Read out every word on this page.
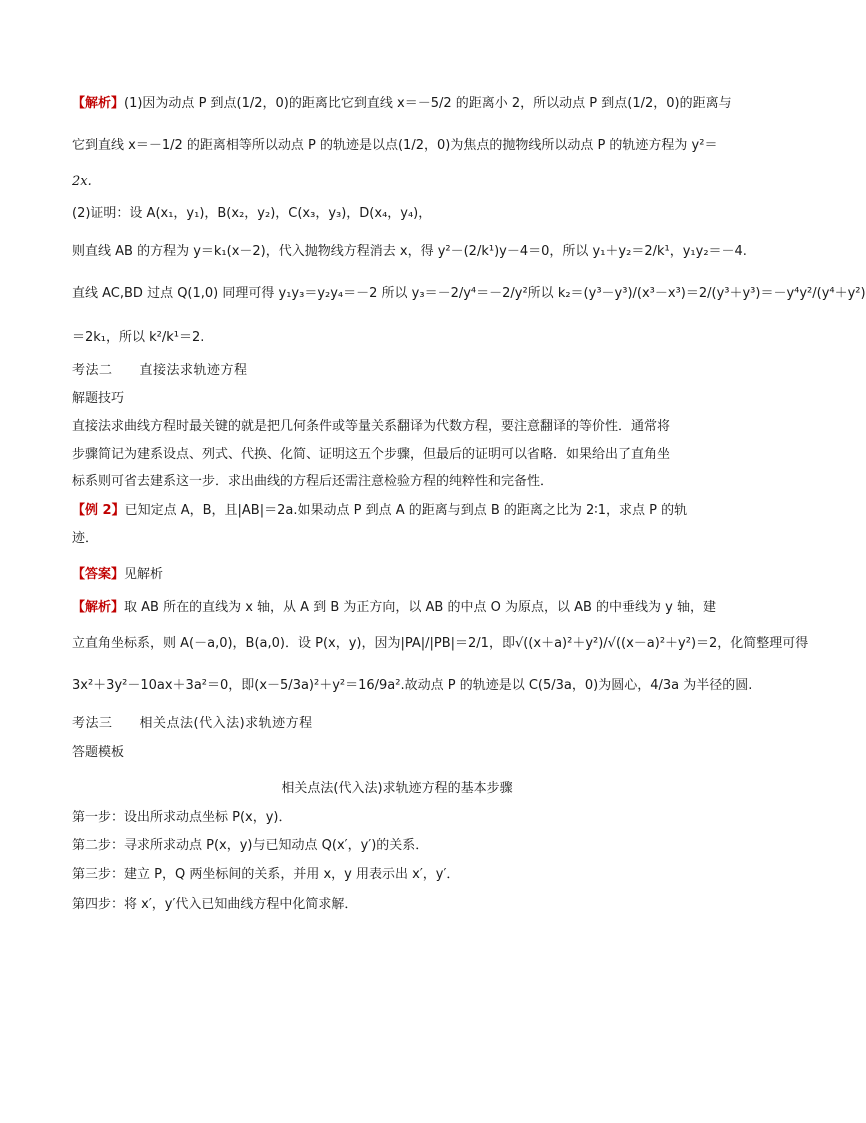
【解析】(1)因为动点 P 到点(1/2，0)的距离比它到直线 x＝－5/2 的距离小 2，所以动点 P 到点(1/2，0)的距离与
它到直线 x＝－1/2 的距离相等所以动点 P 的轨迹是以点(1/2，0)为焦点的抛物线所以动点 P 的轨迹方程为 y²＝
2x.
(2)证明：设 A(x₁，y₁)，B(x₂，y₂)，C(x₃，y₃)，D(x₄，y₄)，
则直线 AB 的方程为 y＝k₁(x－2)，代入抛物线方程消去 x，得 y²－(2/k¹)y－4＝0，所以 y₁＋y₂＝2/k¹，y₁y₂＝－4.
直线 AC,BD 过点 Q(1,0) 同理可得 y₁y₃＝y₂y₄＝－2 所以 y₃＝－2/y⁴＝－2/y²所以 k₂＝(y³－y³)/(x³－x³)＝2/(y³＋y³)＝－y⁴y²/(y⁴＋y²)
＝2k₁，所以 k²/k¹＝2.
考法二　　直接法求轨迹方程
解题技巧
直接法求曲线方程时最关键的就是把几何条件或等量关系翻译为代数方程，要注意翻译的等价性．通常将
步骤简记为建系设点、列式、代换、化简、证明这五个步骤，但最后的证明可以省略．如果给出了直角坐
标系则可省去建系这一步．求出曲线的方程后还需注意检验方程的纯粹性和完备性．
【例 2】已知定点 A，B，且|AB|＝2a.如果动点 P 到点 A 的距离与到点 B 的距离之比为 2∶1，求点 P 的轨
迹．
【答案】见解析
【解析】取 AB 所在的直线为 x 轴，从 A 到 B 为正方向，以 AB 的中点 O 为原点，以 AB 的中垂线为 y 轴，建
立直角坐标系，则 A(－a,0)，B(a,0)．设 P(x，y)，因为|PA|/|PB|＝2/1，即√((x＋a)²＋y²)/√((x－a)²＋y²)＝2，化简整理可得
3x²＋3y²－10ax＋3a²＝0，即(x－5/3a)²＋y²＝16/9a².故动点 P 的轨迹是以 C(5/3a，0)为圆心，4/3a 为半径的圆.
考法三　　相关点法(代入法)求轨迹方程
答题模板
相关点法(代入法)求轨迹方程的基本步骤
第一步：设出所求动点坐标 P(x，y)．
第二步：寻求所求动点 P(x，y)与已知动点 Q(x′，y′)的关系．
第三步：建立 P，Q 两坐标间的关系，并用 x，y 用表示出 x′，y′．
第四步：将 x′，y′代入已知曲线方程中化简求解．
